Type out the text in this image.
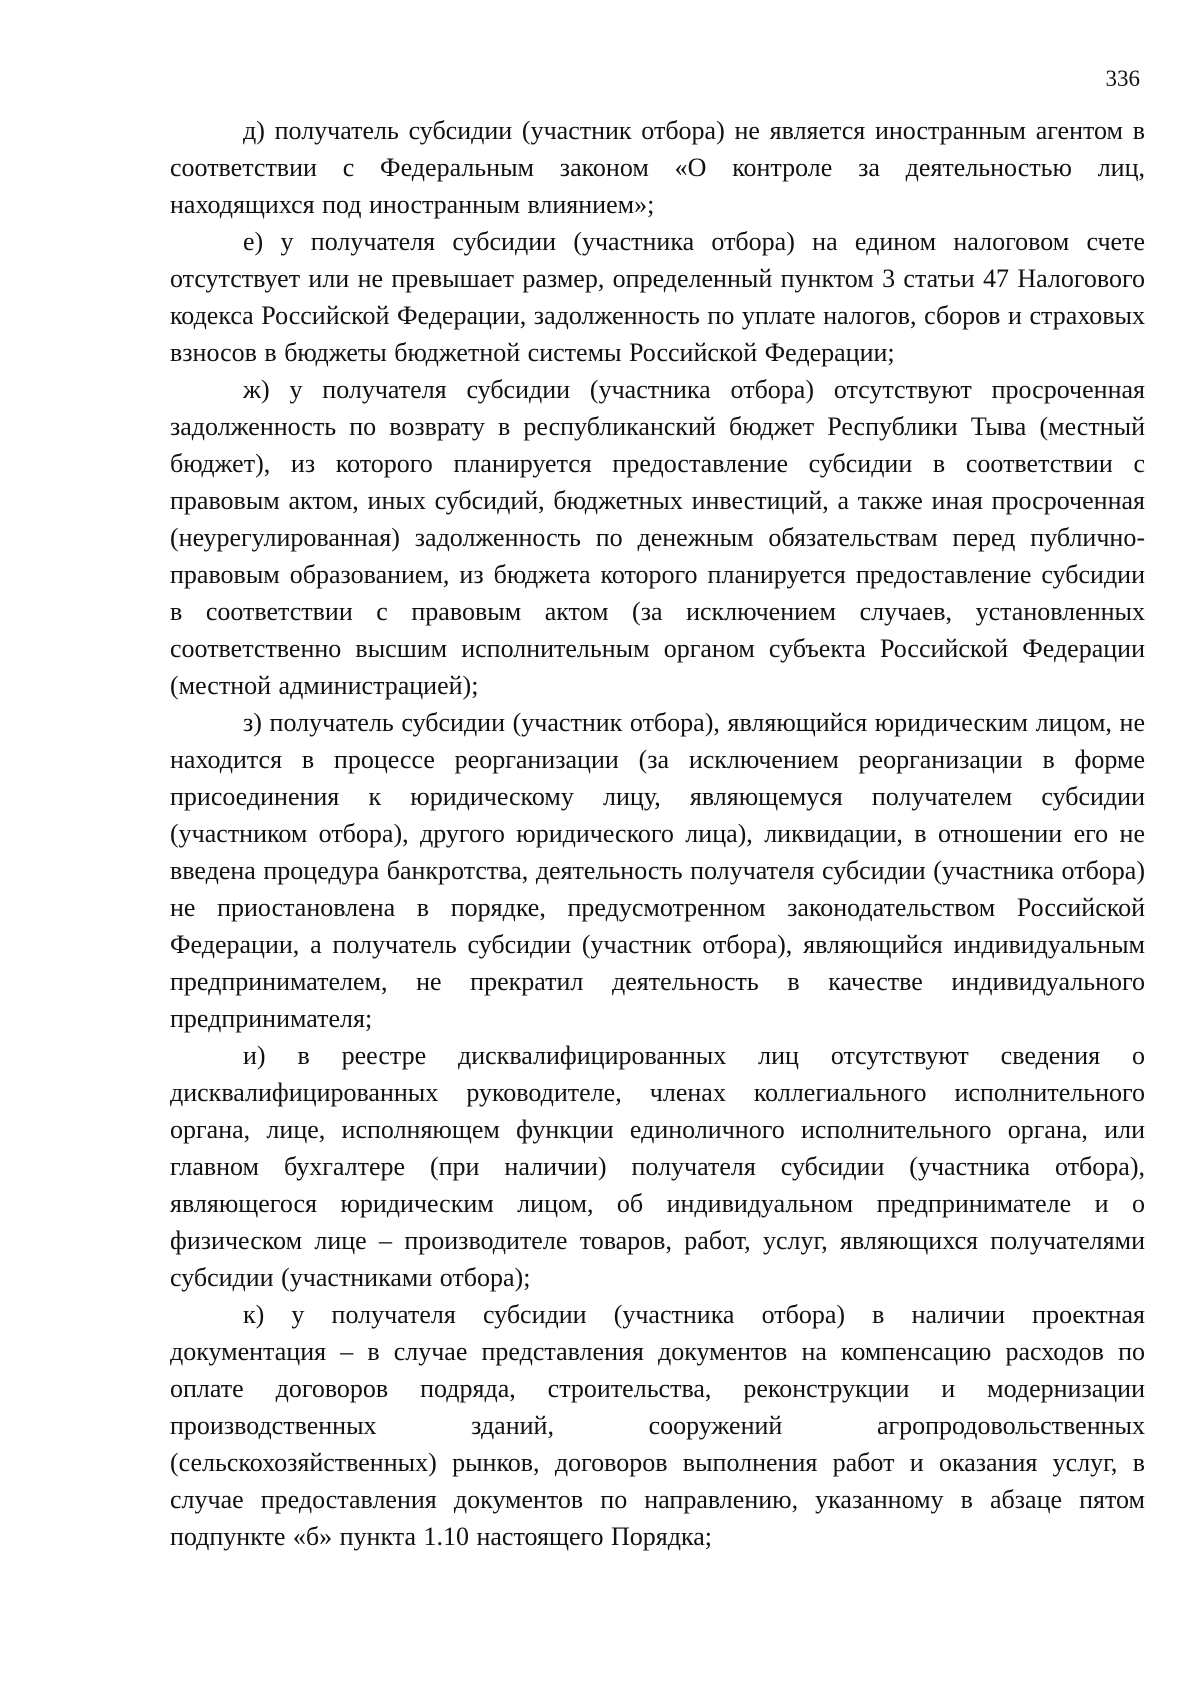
336

д) получатель субсидии (участник отбора) не является иностранным агентом в соответствии с Федеральным законом «О контроле за деятельностью лиц, находящихся под иностранным влиянием»;

е) у получателя субсидии (участника отбора) на едином налоговом счете отсутствует или не превышает размер, определенный пунктом 3 статьи 47 Налогового кодекса Российской Федерации, задолженность по уплате налогов, сборов и страховых взносов в бюджеты бюджетной системы Российской Федерации;

ж) у получателя субсидии (участника отбора) отсутствуют просроченная задолженность по возврату в республиканский бюджет Республики Тыва (местный бюджет), из которого планируется предоставление субсидии в соответствии с правовым актом, иных субсидий, бюджетных инвестиций, а также иная просроченная (неурегулированная) задолженность по денежным обязательствам перед публично-правовым образованием, из бюджета которого планируется предоставление субсидии в соответствии с правовым актом (за исключением случаев, установленных соответственно высшим исполнительным органом субъекта Российской Федерации (местной администрацией);

з) получатель субсидии (участник отбора), являющийся юридическим лицом, не находится в процессе реорганизации (за исключением реорганизации в форме присоединения к юридическому лицу, являющемуся получателем субсидии (участником отбора), другого юридического лица), ликвидации, в отношении его не введена процедура банкротства, деятельность получателя субсидии (участника отбора) не приостановлена в порядке, предусмотренном законодательством Российской Федерации, а получатель субсидии (участник отбора), являющийся индивидуальным предпринимателем, не прекратил деятельность в качестве индивидуального предпринимателя;

и) в реестре дисквалифицированных лиц отсутствуют сведения о дисквалифицированных руководителе, членах коллегиального исполнительного органа, лице, исполняющем функции единоличного исполнительного органа, или главном бухгалтере (при наличии) получателя субсидии (участника отбора), являющегося юридическим лицом, об индивидуальном предпринимателе и о физическом лице – производителе товаров, работ, услуг, являющихся получателями субсидии (участниками отбора);

к) у получателя субсидии (участника отбора) в наличии проектная документация – в случае представления документов на компенсацию расходов по оплате договоров подряда, строительства, реконструкции и модернизации производственных зданий, сооружений агропродовольственных (сельскохозяйственных) рынков, договоров выполнения работ и оказания услуг, в случае предоставления документов по направлению, указанному в абзаце пятом подпункте «б» пункта 1.10 настоящего Порядка;
